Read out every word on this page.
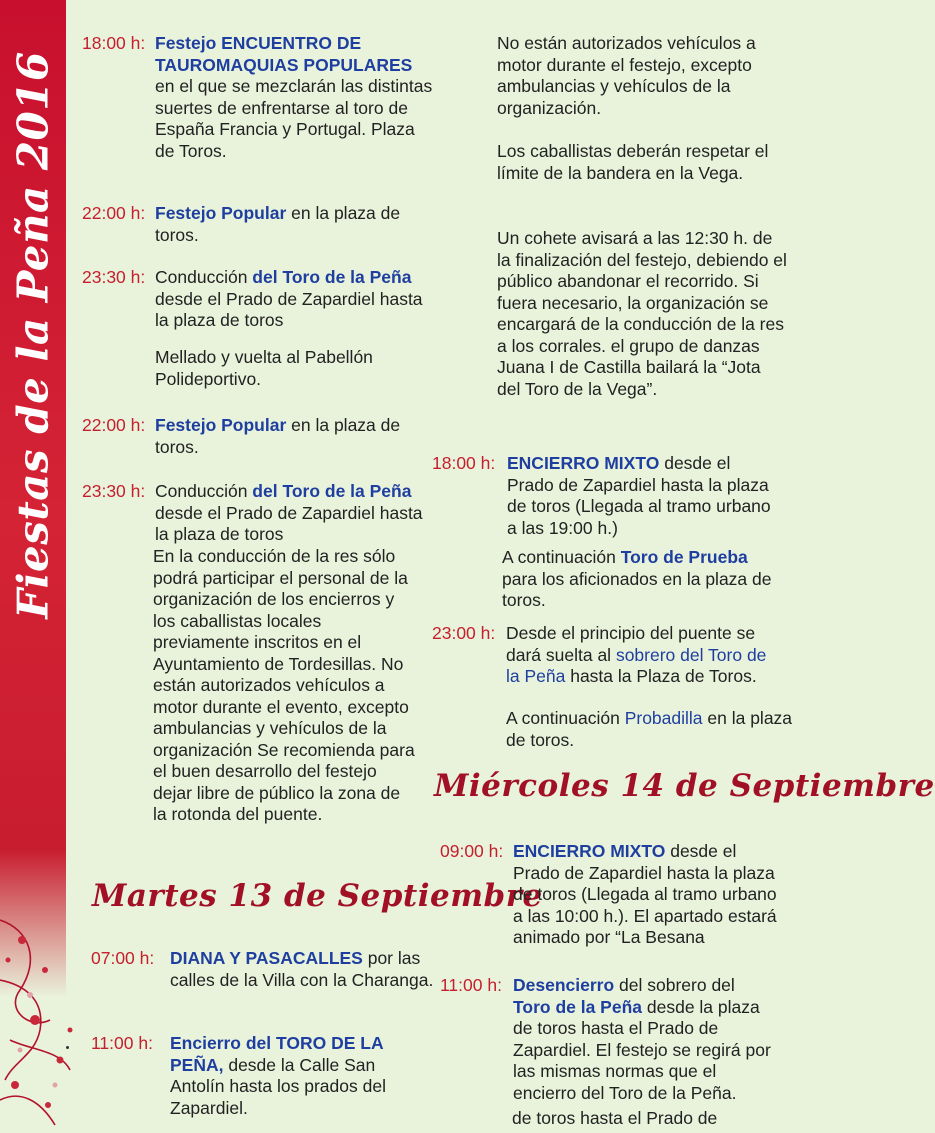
Fiestas de la Peña 2016
18:00 h: Festejo ENCUENTRO DE TAUROMAQUIAS POPULARES en el que se mezclarán las distintas suertes de enfrentarse al toro de España Francia y Portugal. Plaza de Toros.
22:00 h: Festejo Popular en la plaza de toros.
23:30 h: Conducción del Toro de la Peña desde el Prado de Zapardiel hasta la plaza de toros
Mellado y vuelta al Pabellón Polideportivo.
22:00 h: Festejo Popular en la plaza de toros.
23:30 h: Conducción del Toro de la Peña desde el Prado de Zapardiel hasta la plaza de toros
En la conducción de la res sólo podrá participar el personal de la organización de los encierros y los caballistas locales previamente inscritos en el Ayuntamiento de Tordesillas. No están autorizados vehículos a motor durante el evento, excepto ambulancias y vehículos de la organización Se recomienda para el buen desarrollo del festejo dejar libre de público la zona de la rotonda del puente.
Martes 13 de Septiembre
07:00 h: DIANA Y PASACALLES por las calles de la Villa con la Charanga.
11:00 h: Encierro del TORO DE LA PEÑA, desde la Calle San Antolín hasta los prados del Zapardiel.
No están autorizados vehículos a motor durante el festejo, excepto ambulancias y vehículos de la organización.
Los caballistas deberán respetar el límite de la bandera en la Vega.
Un cohete avisará a las 12:30 h. de la finalización del festejo, debiendo el público abandonar el recorrido. Si fuera necesario, la organización se encargará de la conducción de la res a los corrales. el grupo de danzas Juana I de Castilla bailará la “Jota del Toro de la Vega”.
18:00 h: ENCIERRO MIXTO desde el Prado de Zapardiel hasta la plaza de toros (Llegada al tramo urbano a las 19:00 h.)
A continuación Toro de Prueba para los aficionados en la plaza de toros.
23:00 h: Desde el principio del puente se dará suelta al sobrero del Toro de la Peña hasta la Plaza de Toros.
A continuación Probadilla en la plaza de toros.
Miércoles 14 de Septiembre
09:00 h: ENCIERRO MIXTO desde el Prado de Zapardiel hasta la plaza de toros (Llegada al tramo urbano a las 10:00 h.). El apartado estará animado por “La Besana
11:00 h: Desencierro del sobrero del Toro de la Peña desde la plaza de toros hasta el Prado de Zapardiel. El festejo se regirá por las mismas normas que el encierro del Toro de la Peña.
de toros hasta el Prado de
